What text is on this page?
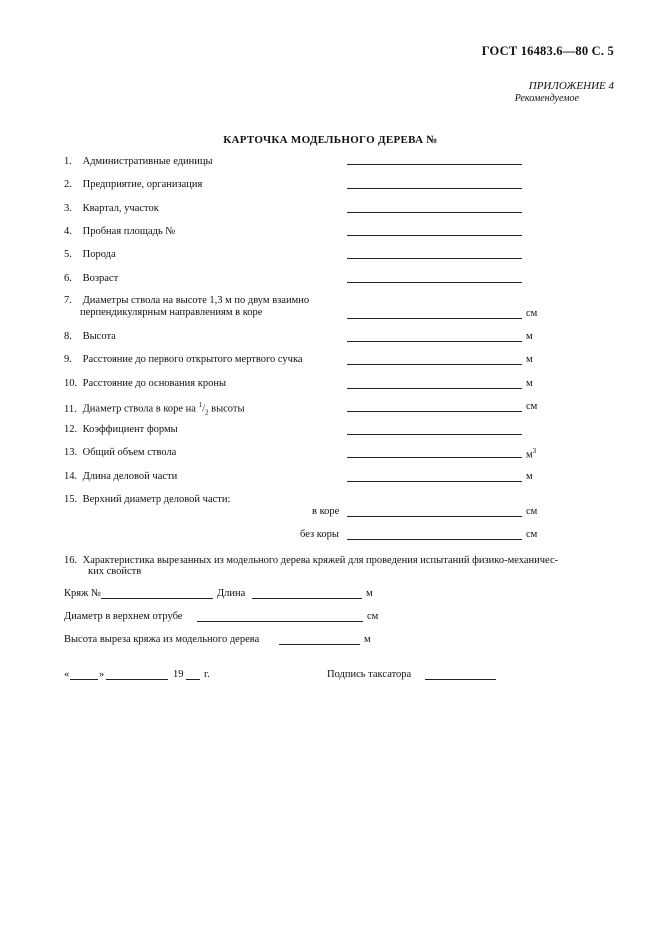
ГОСТ 16483.6—80 С. 5
ПРИЛОЖЕНИЕ 4
Рекомендуемое
КАРТОЧКА МОДЕЛЬНОГО ДЕРЕВА №
1. Административные единицы
2. Предприятие, организация
3. Квартал, участок
4. Пробная площадь №
5. Порода
6. Возраст
7. Диаметры ствола на высоте 1,3 м по двум взаимно
перпендикулярным направлениям в коре	см
8. Высота	м
9. Расстояние до первого открытого мертвого сучка	м
10. Расстояние до основания кроны	м
11. Диаметр ствола в коре на $^1/_2$ высоты	см
12. Коэффициент формы
13. Общий объем ствола	$м^3$
14. Длина деловой части	м
15. Верхний диаметр деловой части:
в коре	см
без коры	см
16. Характеристика вырезанных из модельного дерева кряжей для проведения испытаний физико-механичес-
ких свойств
Кряж №	Длина	м
Диаметр в верхнем отрубе	см
Высота выреза кряжа из модельного дерева	м
«	»	19 г.	Подпись таксатора
